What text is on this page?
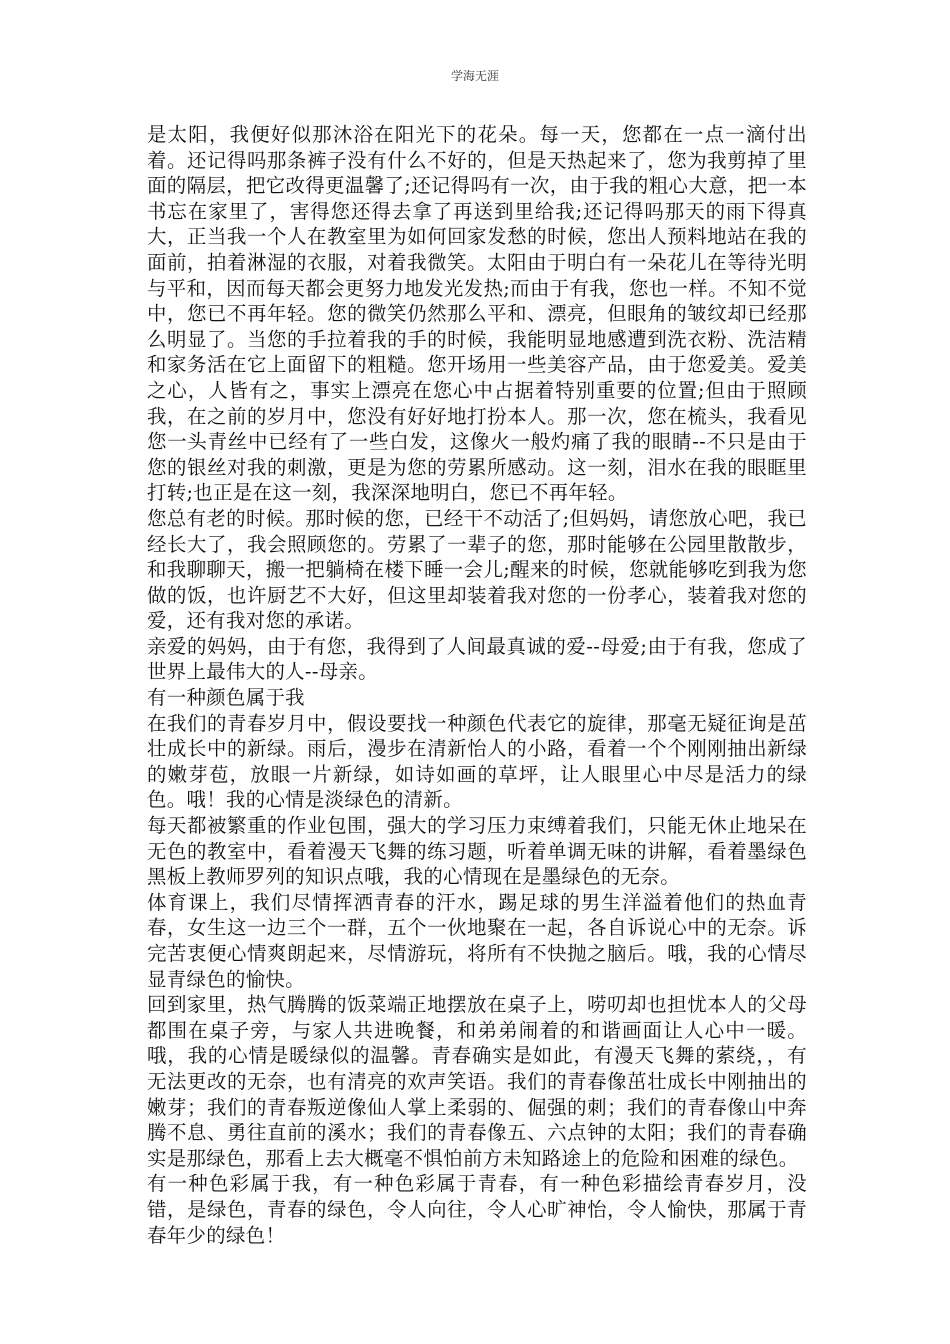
学海无涯

是太阳，我便好似那沐浴在阳光下的花朵。每一天，您都在一点一滴付出着。还记得吗那条裤子没有什么不好的，但是天热起来了，您为我剪掉了里面的隔层，把它改得更温馨了;还记得吗有一次，由于我的粗心大意，把一本书忘在家里了，害得您还得去拿了再送到里给我;还记得吗那天的雨下得真大，正当我一个人在教室里为如何回家发愁的时候，您出人预料地站在我的面前，拍着淋湿的衣服，对着我微笑。太阳由于明白有一朵花儿在等待光明与平和，因而每天都会更努力地发光发热;而由于有我，您也一样。不知不觉中，您已不再年轻。您的微笑仍然那么平和、漂亮，但眼角的皱纹却已经那么明显了。当您的手拉着我的手的时候，我能明显地感遭到洗衣粉、洗洁精和家务活在它上面留下的粗糙。您开场用一些美容产品，由于您爱美。爱美之心，人皆有之，事实上漂亮在您心中占据着特别重要的位置;但由于照顾我，在之前的岁月中，您没有好好地打扮本人。那一次，您在梳头，我看见您一头青丝中已经有了一些白发，这像火一般灼痛了我的眼睛--不只是由于您的银丝对我的刺激，更是为您的劳累所感动。这一刻，泪水在我的眼眶里打转;也正是在这一刻，我深深地明白，您已不再年轻。

您总有老的时候。那时候的您，已经干不动活了;但妈妈，请您放心吧，我已经长大了，我会照顾您的。劳累了一辈子的您，那时能够在公园里散散步，和我聊聊天，搬一把躺椅在楼下睡一会儿;醒来的时候，您就能够吃到我为您做的饭，也许厨艺不大好，但这里却装着我对您的一份孝心，装着我对您的爱，还有我对您的承诺。

亲爱的妈妈，由于有您，我得到了人间最真诚的爱--母爱;由于有我，您成了世界上最伟大的人--母亲。

有一种颜色属于我

在我们的青春岁月中，假设要找一种颜色代表它的旋律，那毫无疑征询是茁壮成长中的新绿。雨后，漫步在清新怡人的小路，看着一个个刚刚抽出新绿的嫩芽苞，放眼一片新绿，如诗如画的草坪，让人眼里心中尽是活力的绿色。哦！我的心情是淡绿色的清新。

每天都被繁重的作业包围，强大的学习压力束缚着我们，只能无休止地呆在无色的教室中，看着漫天飞舞的练习题，听着单调无味的讲解，看着墨绿色黑板上教师罗列的知识点哦，我的心情现在是墨绿色的无奈。

体育课上，我们尽情挥洒青春的汗水，踢足球的男生洋溢着他们的热血青春，女生这一边三个一群，五个一伙地聚在一起，各自诉说心中的无奈。诉完苦衷便心情爽朗起来，尽情游玩，将所有不快抛之脑后。哦，我的心情尽显青绿色的愉快。

回到家里，热气腾腾的饭菜端正地摆放在桌子上，唠叨却也担忧本人的父母都围在桌子旁，与家人共进晚餐，和弟弟闹着的和谐画面让人心中一暖。哦，我的心情是暖绿似的温馨。青春确实是如此，有漫天飞舞的萦绕，，有无法更改的无奈，也有清亮的欢声笑语。我们的青春像茁壮成长中刚抽出的嫩芽；我们的青春叛逆像仙人掌上柔弱的、倔强的刺；我们的青春像山中奔腾不息、勇往直前的溪水；我们的青春像五、六点钟的太阳；我们的青春确实是那绿色，那看上去大概毫不惧怕前方未知路途上的危险和困难的绿色。

有一种色彩属于我，有一种色彩属于青春，有一种色彩描绘青春岁月，没错，是绿色，青春的绿色，令人向往，令人心旷神怡，令人愉快，那属于青春年少的绿色！
